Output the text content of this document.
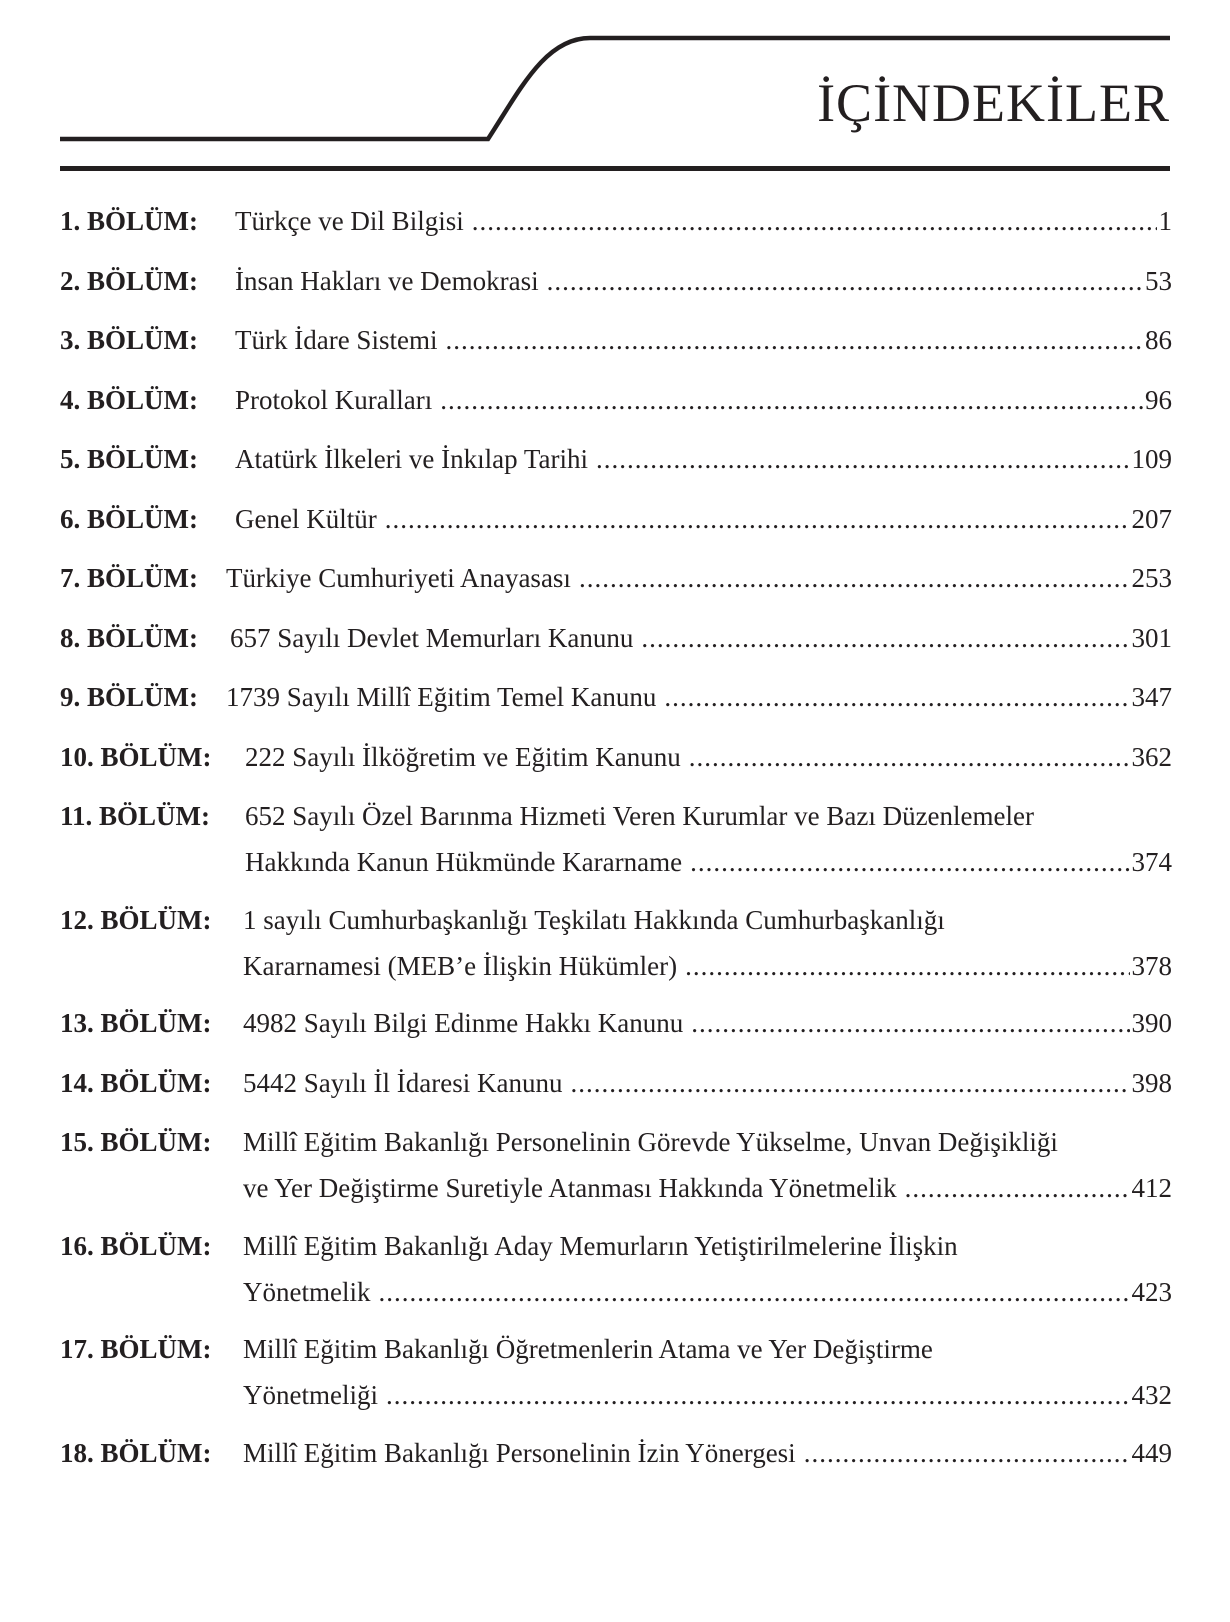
İÇİNDEKİLER
1. BÖLÜM:	Türkçe ve Dil Bilgisi .....	1
2. BÖLÜM:	İnsan Hakları ve Demokrasi .....	53
3. BÖLÜM:	Türk İdare Sistemi .....	86
4. BÖLÜM:	Protokol Kuralları .....	96
5. BÖLÜM:	Atatürk İlkeleri ve İnkılap Tarihi .....	109
6. BÖLÜM:	Genel Kültür .....	207
7. BÖLÜM:	Türkiye Cumhuriyeti Anayasası .....	253
8. BÖLÜM:	657 Sayılı Devlet Memurları Kanunu .....	301
9. BÖLÜM:	1739 Sayılı Millî Eğitim Temel Kanunu .....	347
10. BÖLÜM:	222 Sayılı İlköğretim ve Eğitim Kanunu .....	362
11. BÖLÜM:	652 Sayılı Özel Barınma Hizmeti Veren Kurumlar ve Bazı Düzenlemeler
Hakkında Kanun Hükmünde Kararname .....	374
12. BÖLÜM:	1 sayılı Cumhurbaşkanlığı Teşkilatı Hakkında Cumhurbaşkanlığı
Kararnamesi (MEB’e İlişkin Hükümler) .....	378
13. BÖLÜM:	4982 Sayılı Bilgi Edinme Hakkı Kanunu .....	390
14. BÖLÜM:	5442 Sayılı İl İdaresi Kanunu .....	398
15. BÖLÜM:	Millî Eğitim Bakanlığı Personelinin Görevde Yükselme, Unvan Değişikliği
ve Yer Değiştirme Suretiyle Atanması Hakkında Yönetmelik .....	412
16. BÖLÜM:	Millî Eğitim Bakanlığı Aday Memurların Yetiştirilmelerine İlişkin
Yönetmelik .....	423
17. BÖLÜM:	Millî Eğitim Bakanlığı Öğretmenlerin Atama ve Yer Değiştirme
Yönetmeliği .....	432
18. BÖLÜM:	Millî Eğitim Bakanlığı Personelinin İzin Yönergesi .....	449
